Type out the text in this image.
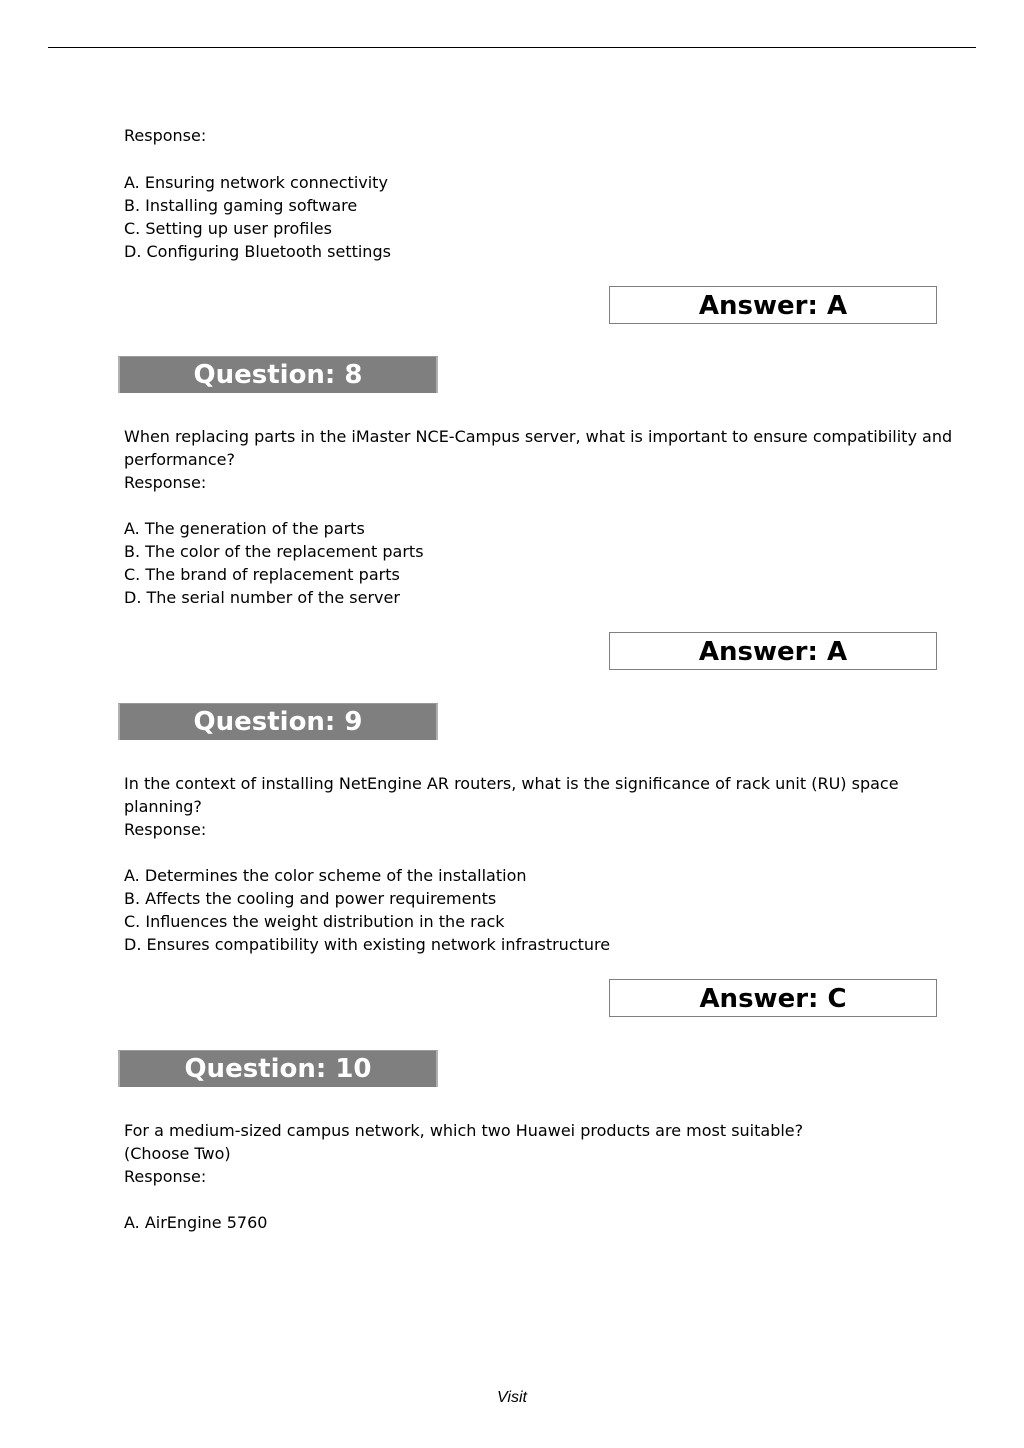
Response:
A. Ensuring network connectivity
B. Installing gaming software
C. Setting up user profiles
D. Configuring Bluetooth settings
Answer: A
Question: 8
When replacing parts in the iMaster NCE-Campus server, what is important to ensure compatibility and
performance?
Response:
A. The generation of the parts
B. The color of the replacement parts
C. The brand of replacement parts
D. The serial number of the server
Answer: A
Question: 9
In the context of installing NetEngine AR routers, what is the significance of rack unit (RU) space
planning?
Response:
A. Determines the color scheme of the installation
B. Affects the cooling and power requirements
C. Influences the weight distribution in the rack
D. Ensures compatibility with existing network infrastructure
Answer: C
Question: 10
For a medium-sized campus network, which two Huawei products are most suitable?
(Choose Two)
Response:
A. AirEngine 5760
Visit
